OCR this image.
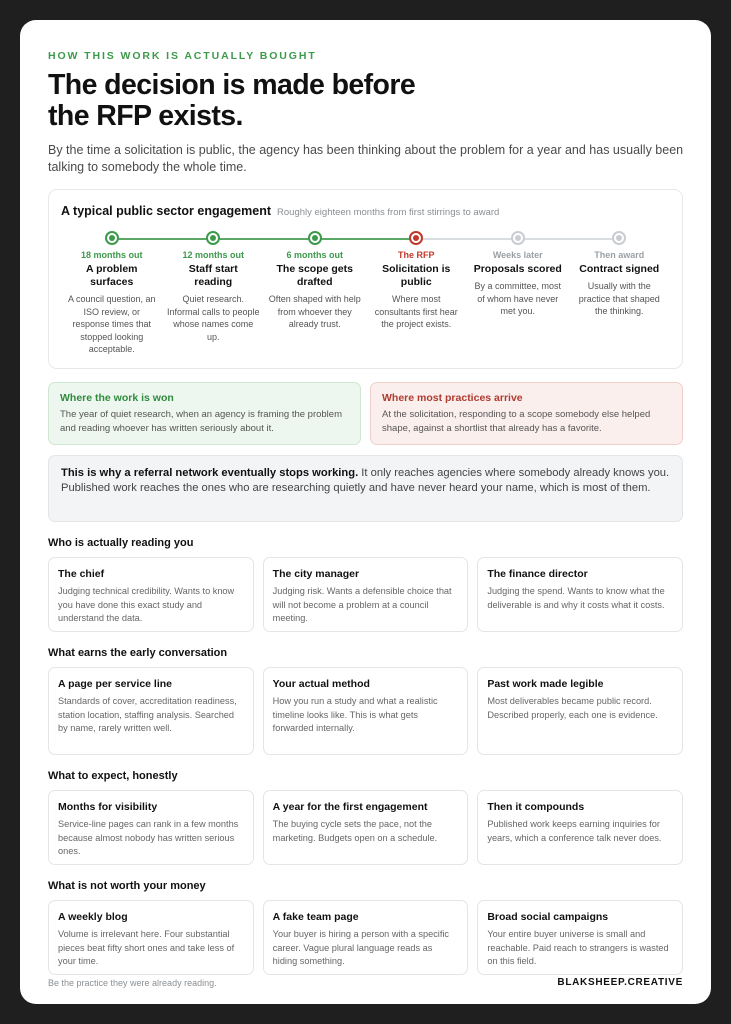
HOW THIS WORK IS ACTUALLY BOUGHT
The decision is made before the RFP exists.

By the time a solicitation is public, the agency has been thinking about the problem for a year and has usually been talking to somebody the whole time.

A typical public sector engagement Roughly eighteen months from first stirrings to award
18 months out
A problem surfaces
A council question, an ISO review, or response times that stopped looking acceptable.
12 months out
Staff start reading
Quiet research. Informal calls to people whose names come up.
6 months out
The scope gets drafted
Often shaped with help from whoever they already trust.
The RFP
Solicitation is public
Where most consultants first hear the project exists.
Weeks later
Proposals scored
By a committee, most of whom have never met you.
Then award
Contract signed
Usually with the practice that shaped the thinking.
Where the work is won
The year of quiet research, when an agency is framing the problem and reading whoever has written seriously about it.
Where most practices arrive
At the solicitation, responding to a scope somebody else helped shape, against a shortlist that already has a favorite.
This is why a referral network eventually stops working. It only reaches agencies where somebody already knows you. Published work reaches the ones who are researching quietly and have never heard your name, which is most of them.
Who is actually reading you
The chief
Judging technical credibility. Wants to know you have done this exact study and understand the data.
The city manager
Judging risk. Wants a defensible choice that will not become a problem at a council meeting.
The finance director
Judging the spend. Wants to know what the deliverable is and why it costs what it costs.
What earns the early conversation
A page per service line
Standards of cover, accreditation readiness, station location, staffing analysis. Searched by name, rarely written well.
Your actual method
How you run a study and what a realistic timeline looks like. This is what gets forwarded internally.
Past work made legible
Most deliverables became public record. Described properly, each one is evidence.
What to expect, honestly
Months for visibility
Service-line pages can rank in a few months because almost nobody has written serious ones.
A year for the first engagement
The buying cycle sets the pace, not the marketing. Budgets open on a schedule.
Then it compounds
Published work keeps earning inquiries for years, which a conference talk never does.
What is not worth your money
A weekly blog
Volume is irrelevant here. Four substantial pieces beat fifty short ones and take less of your time.
A fake team page
Your buyer is hiring a person with a specific career. Vague plural language reads as hiding something.
Broad social campaigns
Your entire buyer universe is small and reachable. Paid reach to strangers is wasted on this field.
Be the practice they were already reading.	BLAKSHEEP.CREATIVE
